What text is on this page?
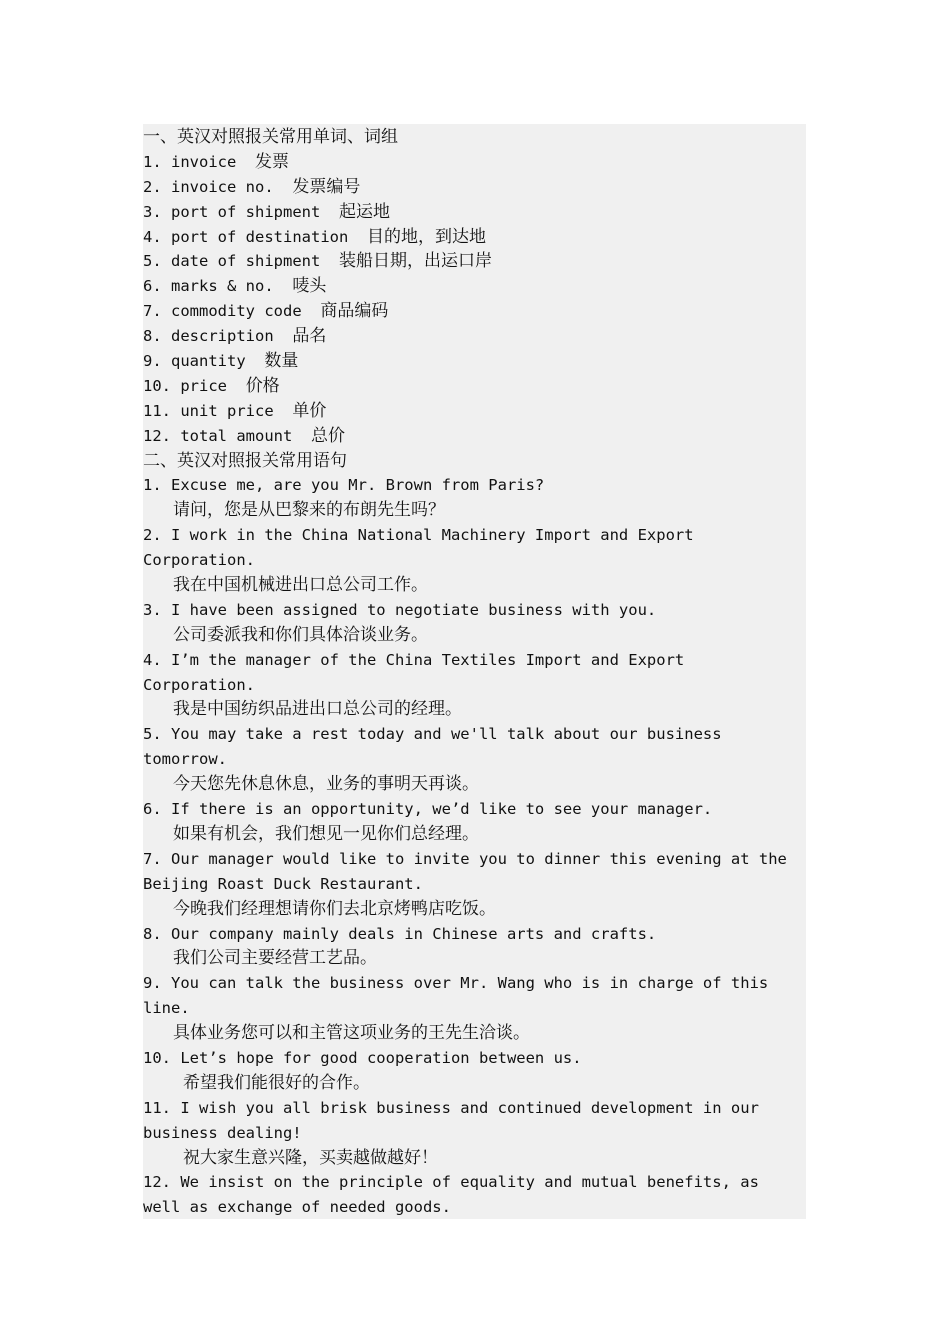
一、英汉对照报关常用单词、词组
1. invoice 发票
2. invoice no. 发票编号
3. port of shipment 起运地
4. port of destination 目的地，到达地
5. date of shipment 装船日期，出运口岸
6. marks & no. 唛头
7. commodity code 商品编码
8. description 品名
9. quantity 数量
10. price 价格
11. unit price 单价
12. total amount 总价
二、英汉对照报关常用语句
1. Excuse me, are you Mr. Brown from Paris?
请问，您是从巴黎来的布朗先生吗？
2. I work in the China National Machinery Import and Export
Corporation.
我在中国机械进出口总公司工作。
3. I have been assigned to negotiate business with you.
公司委派我和你们具体洽谈业务。
4. I’m the manager of the China Textiles Import and Export
Corporation.
我是中国纺织品进出口总公司的经理。
5. You may take a rest today and we'll talk about our business
tomorrow.
今天您先休息休息，业务的事明天再谈。
6. If there is an opportunity, we’d like to see your manager.
如果有机会，我们想见一见你们总经理。
7. Our manager would like to invite you to dinner this evening at the
Beijing Roast Duck Restaurant.
今晚我们经理想请你们去北京烤鸭店吃饭。
8. Our company mainly deals in Chinese arts and crafts.
我们公司主要经营工艺品。
9. You can talk the business over Mr. Wang who is in charge of this
line.
具体业务您可以和主管这项业务的王先生洽谈。
10. Let’s hope for good cooperation between us.
希望我们能很好的合作。
11. I wish you all brisk business and continued development in our
business dealing!
祝大家生意兴隆，买卖越做越好！
12. We insist on the principle of equality and mutual benefits, as
well as exchange of needed goods.
